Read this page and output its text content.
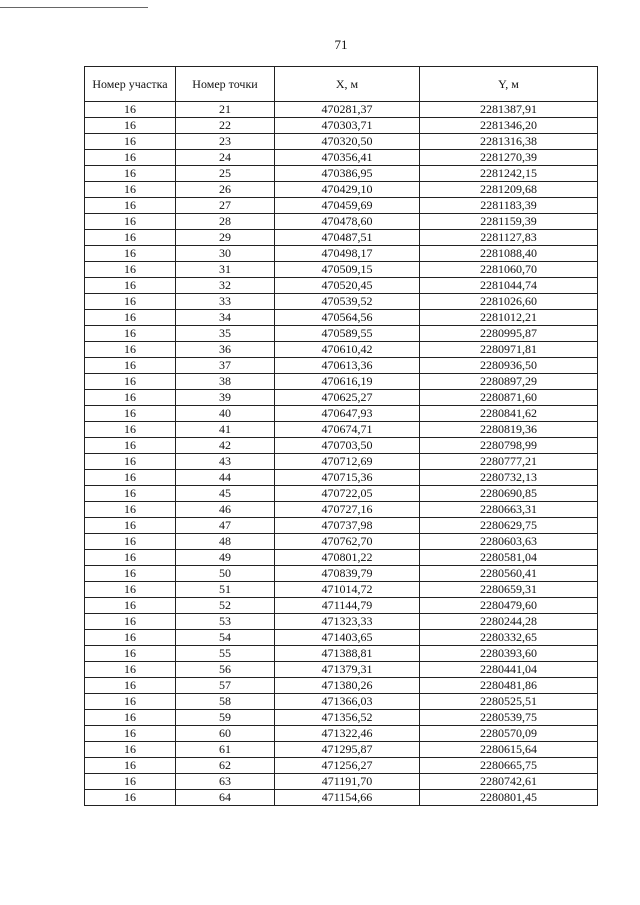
71
Номер участка	Номер точки	X, м	Y, м
16	21	470281,37	2281387,91
16	22	470303,71	2281346,20
16	23	470320,50	2281316,38
16	24	470356,41	2281270,39
16	25	470386,95	2281242,15
16	26	470429,10	2281209,68
16	27	470459,69	2281183,39
16	28	470478,60	2281159,39
16	29	470487,51	2281127,83
16	30	470498,17	2281088,40
16	31	470509,15	2281060,70
16	32	470520,45	2281044,74
16	33	470539,52	2281026,60
16	34	470564,56	2281012,21
16	35	470589,55	2280995,87
16	36	470610,42	2280971,81
16	37	470613,36	2280936,50
16	38	470616,19	2280897,29
16	39	470625,27	2280871,60
16	40	470647,93	2280841,62
16	41	470674,71	2280819,36
16	42	470703,50	2280798,99
16	43	470712,69	2280777,21
16	44	470715,36	2280732,13
16	45	470722,05	2280690,85
16	46	470727,16	2280663,31
16	47	470737,98	2280629,75
16	48	470762,70	2280603,63
16	49	470801,22	2280581,04
16	50	470839,79	2280560,41
16	51	471014,72	2280659,31
16	52	471144,79	2280479,60
16	53	471323,33	2280244,28
16	54	471403,65	2280332,65
16	55	471388,81	2280393,60
16	56	471379,31	2280441,04
16	57	471380,26	2280481,86
16	58	471366,03	2280525,51
16	59	471356,52	2280539,75
16	60	471322,46	2280570,09
16	61	471295,87	2280615,64
16	62	471256,27	2280665,75
16	63	471191,70	2280742,61
16	64	471154,66	2280801,45
